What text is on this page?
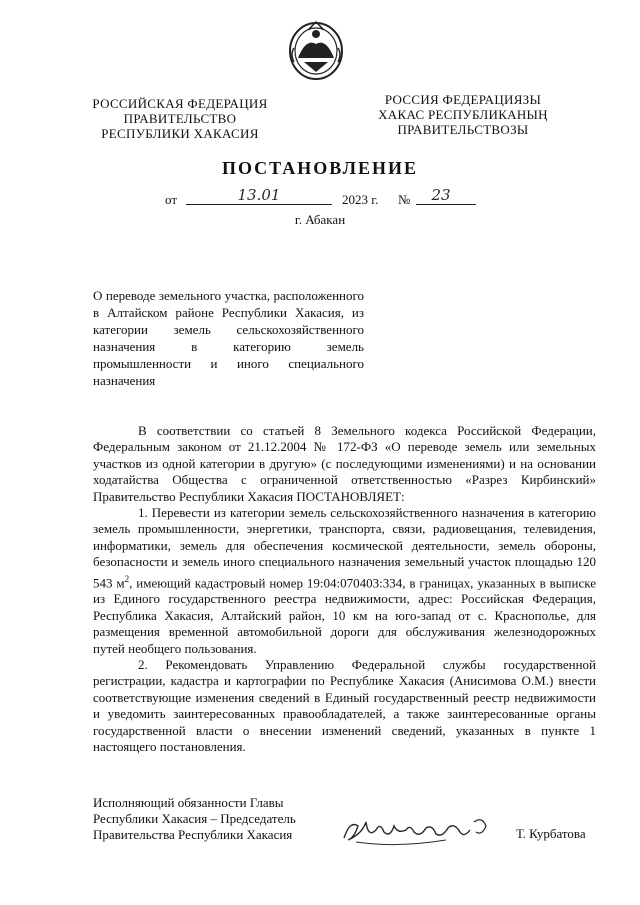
РОССИЙСКАЯ ФЕДЕРАЦИЯ
ПРАВИТЕЛЬСТВО
РЕСПУБЛИКИ ХАКАСИЯ
РОССИЯ ФЕДЕРАЦИЯЗЫ
ХАКАС РЕСПУБЛИКАНЫҢ
ПРАВИТЕЛЬСТВОЗЫ
ПОСТАНОВЛЕНИЕ
от	13.01	2023 г. №	23
г. Абакан
О переводе земельного участка, расположенного в Алтайском районе Республики Хакасия, из категории земель сельскохозяйственного назначения в категорию земель промышленности и иного специального назначения

В соответствии со статьей 8 Земельного кодекса Российской Федерации, Федеральным законом от 21.12.2004 № 172-ФЗ «О переводе земель или земельных участков из одной категории в другую» (с последующими изменениями) и на основании ходатайства Общества с ограниченной ответственностью «Разрез Кирбинский» Правительство Республики Хакасия ПОСТАНОВЛЯЕТ:

1. Перевести из категории земель сельскохозяйственного назначения в категорию земель промышленности, энергетики, транспорта, связи, радиовещания, телевидения, информатики, земель для обеспечения космической деятельности, земель обороны, безопасности и земель иного специального назначения земельный участок площадью 120 543 $м^2$, имеющий кадастровый номер 19:04:070403:334, в границах, указанных в выписке из Единого государственного реестра недвижимости, адрес: Российская Федерация, Республика Хакасия, Алтайский район, 10 км на юго-запад от с. Краснополье, для размещения временной автомобильной дороги для обслуживания железнодорожных путей необщего пользования.

2. Рекомендовать Управлению Федеральной службы государственной регистрации, кадастра и картографии по Республике Хакасия (Анисимова О.М.) внести соответствующие изменения сведений в Единый государственный реестр недвижимости и уведомить заинтересованных правообладателей, а также заинтересованные органы государственной власти о внесении изменений сведений, указанных в пункте 1 настоящего постановления.

Исполняющий обязанности Главы
Республики Хакасия – Председатель
Правительства Республики Хакасия	Т. Курбатова
